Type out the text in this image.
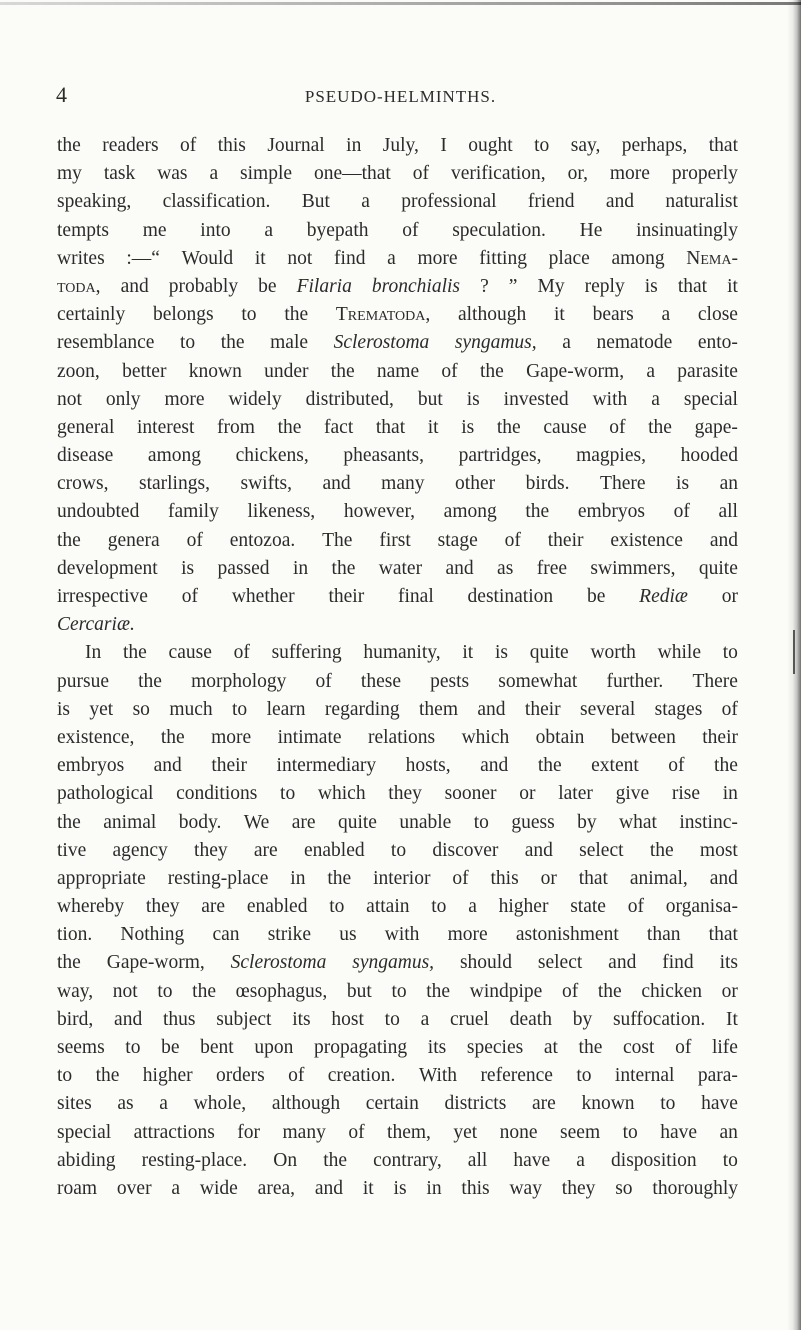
4	PSEUDO-HELMINTHS.
the readers of this Journal in July, I ought to say, perhaps, that
my task was a simple one—that of verification, or, more properly
speaking, classification. But a professional friend and naturalist
tempts me into a byepath of speculation. He insinuatingly
writes :—“ Would it not find a more fitting place among Nema-
toda, and probably be Filaria bronchialis ? ” My reply is that it
certainly belongs to the Trematoda, although it bears a close
resemblance to the male Sclerostoma syngamus, a nematode ento-
zoon, better known under the name of the Gape-worm, a parasite
not only more widely distributed, but is invested with a special
general interest from the fact that it is the cause of the gape-
disease among chickens, pheasants, partridges, magpies, hooded
crows, starlings, swifts, and many other birds. There is an
undoubted family likeness, however, among the embryos of all
the genera of entozoa. The first stage of their existence and
development is passed in the water and as free swimmers, quite
irrespective of whether their final destination be Rediæ or
Cercariæ.
In the cause of suffering humanity, it is quite worth while to
pursue the morphology of these pests somewhat further. There
is yet so much to learn regarding them and their several stages of
existence, the more intimate relations which obtain between their
embryos and their intermediary hosts, and the extent of the
pathological conditions to which they sooner or later give rise in
the animal body. We are quite unable to guess by what instinc-
tive agency they are enabled to discover and select the most
appropriate resting-place in the interior of this or that animal, and
whereby they are enabled to attain to a higher state of organisa-
tion. Nothing can strike us with more astonishment than that
the Gape-worm, Sclerostoma syngamus, should select and find its
way, not to the œsophagus, but to the windpipe of the chicken or
bird, and thus subject its host to a cruel death by suffocation. It
seems to be bent upon propagating its species at the cost of life
to the higher orders of creation. With reference to internal para-
sites as a whole, although certain districts are known to have
special attractions for many of them, yet none seem to have an
abiding resting-place. On the contrary, all have a disposition to
roam over a wide area, and it is in this way they so thoroughly
